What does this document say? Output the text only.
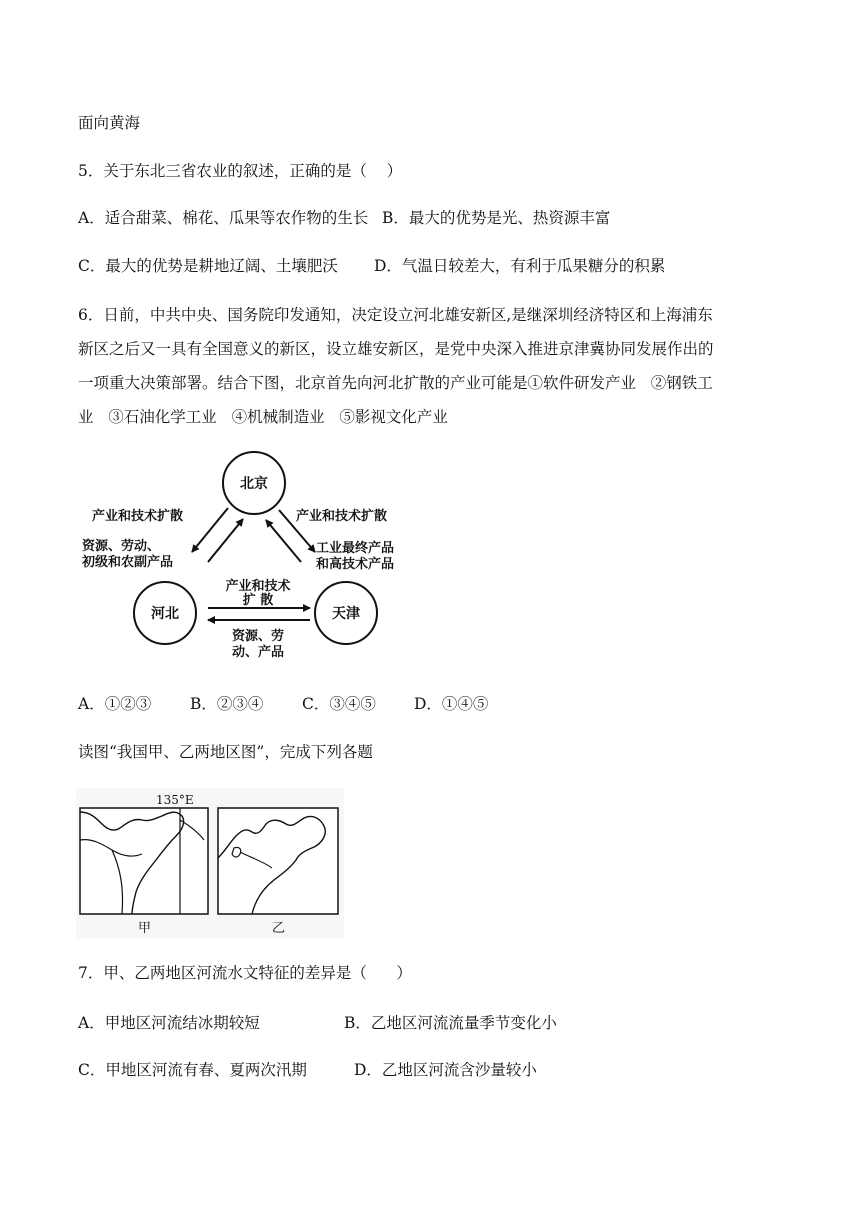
面向黄海
5．关于东北三省农业的叙述，正确的是（    ）

A．适合甜菜、棉花、瓜果等农作物的生长

B．最大的优势是光、热资源丰富

C．最大的优势是耕地辽阔、土壤肥沃

D．气温日较差大，有利于瓜果糖分的积累

6．日前，中共中央、国务院印发通知，决定设立河北雄安新区,是继深圳经济特区和上海浦东
新区之后又一具有全国意义的新区，设立雄安新区，是党中央深入推进京津冀协同发展作出的
一项重大决策部署。结合下图，北京首先向河北扩散的产业可能是①软件研发产业   ②钢铁工
业   ③石油化学工业   ④机械制造业   ⑤影视文化产业
北京
河北	天津
产业和技术扩散
资源、劳动、
初级和农副产品
产业和技术扩散
工业最终产品
和高技术产品
产业和技术
扩 散
资源、劳
动、产品

A．①②③

	B．②③④

C．③④⑤

D．①④⑤

读图“我国甲、乙两地区图”，完成下列各题
135°E
甲	乙
7．甲、乙两地区河流水文特征的差异是（      ）

A．甲地区河流结冰期较短

	B．乙地区河流流量季节变化小

C．甲地区河流有春、夏两次汛期

	D．乙地区河流含沙量较小
